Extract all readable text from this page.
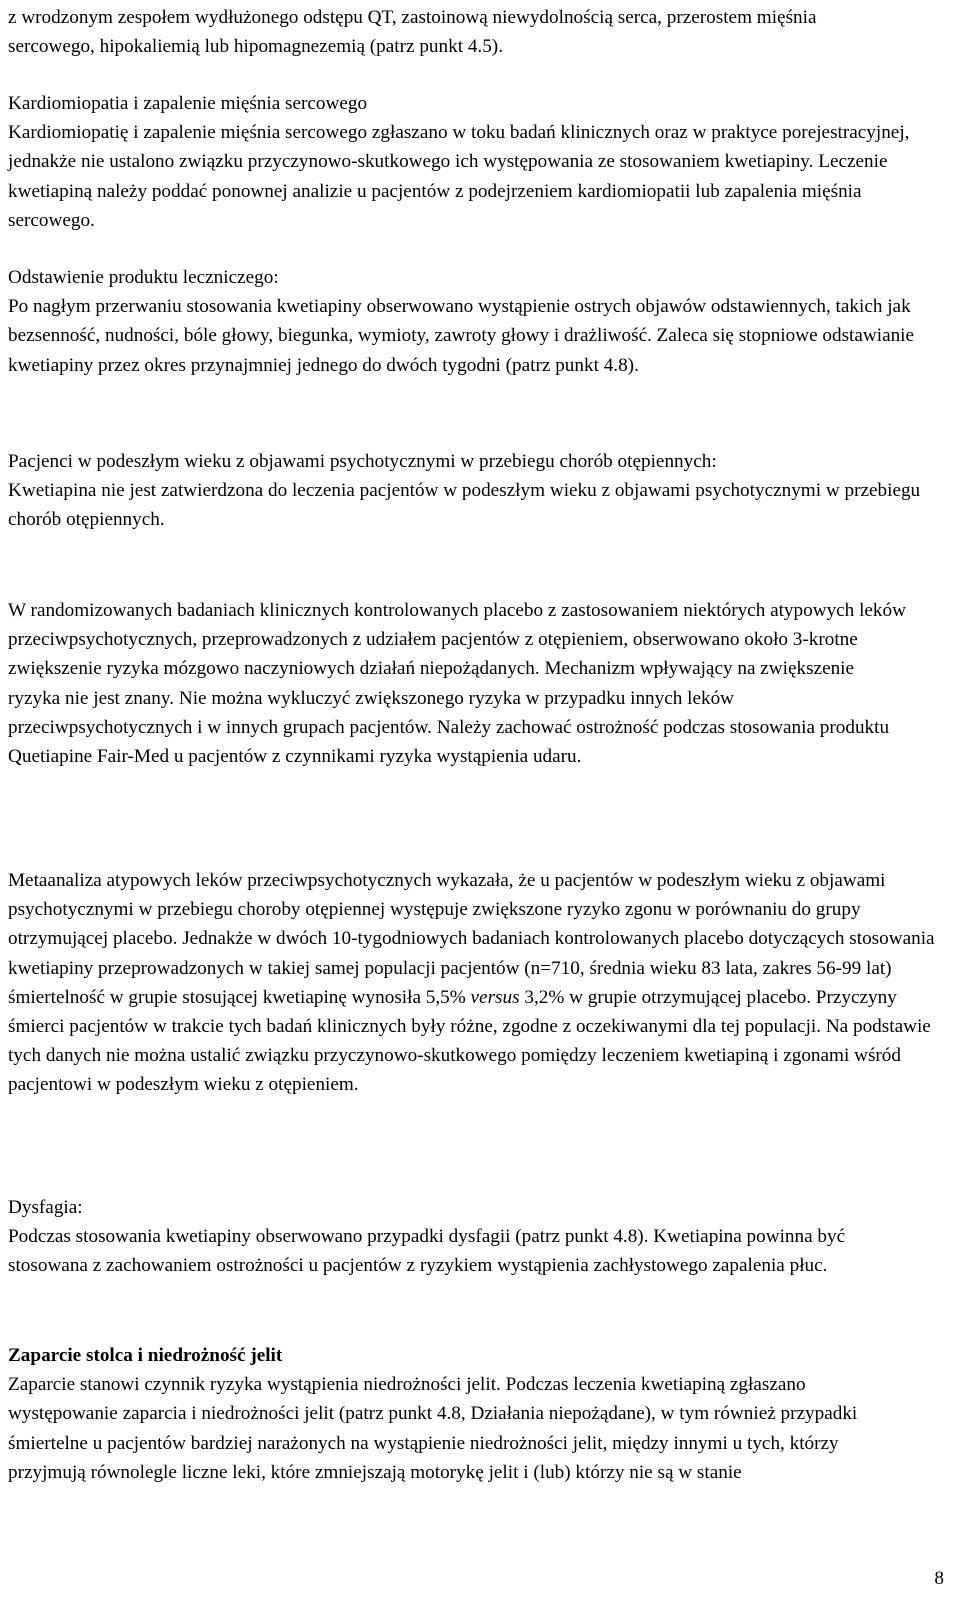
z wrodzonym zespołem wydłużonego odstępu QT, zastoinową niewydolnością serca, przerostem mięśnia sercowego, hipokaliemią lub hipomagnezemią (patrz punkt 4.5).

Kardiomiopatia i zapalenie mięśnia sercowego

Kardiomiopatię i zapalenie mięśnia sercowego zgłaszano w toku badań klinicznych oraz w praktyce porejestracyjnej, jednakże nie ustalono związku przyczynowo-skutkowego ich występowania ze stosowaniem kwetiapiny. Leczenie kwetiapiną należy poddać ponownej analizie u pacjentów z podejrzeniem kardiomiopatii lub zapalenia mięśnia sercowego.

Odstawienie produktu leczniczego:

Po nagłym przerwaniu stosowania kwetiapiny obserwowano wystąpienie ostrych objawów odstawiennych, takich jak bezsenność, nudności, bóle głowy, biegunka, wymioty, zawroty głowy i drażliwość. Zaleca się stopniowe odstawianie kwetiapiny przez okres przynajmniej jednego do dwóch tygodni (patrz punkt 4.8).

Pacjenci w podeszłym wieku z objawami psychotycznymi w przebiegu chorób otępiennych:

Kwetiapina nie jest zatwierdzona do leczenia pacjentów w podeszłym wieku z objawami psychotycznymi w przebiegu chorób otępiennych.

W randomizowanych badaniach klinicznych kontrolowanych placebo z zastosowaniem niektórych atypowych leków przeciwpsychotycznych, przeprowadzonych z udziałem pacjentów z otępieniem, obserwowano około 3-krotne zwiększenie ryzyka mózgowo naczyniowych działań niepożądanych. Mechanizm wpływający na zwiększenie ryzyka nie jest znany. Nie można wykluczyć zwiększonego ryzyka w przypadku innych leków przeciwpsychotycznych i w innych grupach pacjentów. Należy zachować ostrożność podczas stosowania produktu Quetiapine Fair-Med u pacjentów z czynnikami ryzyka wystąpienia udaru.

Metaanaliza atypowych leków przeciwpsychotycznych wykazała, że u pacjentów w podeszłym wieku z objawami psychotycznymi w przebiegu choroby otępiennej występuje zwiększone ryzyko zgonu w porównaniu do grupy otrzymującej placebo. Jednakże w dwóch 10-tygodniowych badaniach kontrolowanych placebo dotyczących stosowania kwetiapiny przeprowadzonych w takiej samej populacji pacjentów (n=710, średnia wieku 83 lata, zakres 56-99 lat) śmiertelność w grupie stosującej kwetiapinę wynosiła 5,5% versus 3,2% w grupie otrzymującej placebo. Przyczyny śmierci pacjentów w trakcie tych badań klinicznych były różne, zgodne z oczekiwanymi dla tej populacji. Na podstawie tych danych nie można ustalić związku przyczynowo-skutkowego pomiędzy leczeniem kwetiapiną i zgonami wśród pacjentowi w podeszłym wieku z otępieniem.

Dysfagia:

Podczas stosowania kwetiapiny obserwowano przypadki dysfagii (patrz punkt 4.8). Kwetiapina powinna być stosowana z zachowaniem ostrożności u pacjentów z ryzykiem wystąpienia zachłystowego zapalenia płuc.

Zaparcie stolca i niedrożność jelit

Zaparcie stanowi czynnik ryzyka wystąpienia niedrożności jelit. Podczas leczenia kwetiapiną zgłaszano występowanie zaparcia i niedrożności jelit (patrz punkt 4.8, Działania niepożądane), w tym również przypadki śmiertelne u pacjentów bardziej narażonych na wystąpienie niedrożności jelit, między innymi u tych, którzy przyjmują równolegle liczne leki, które zmniejszają motorykę jelit i (lub) którzy nie są w stanie

8
